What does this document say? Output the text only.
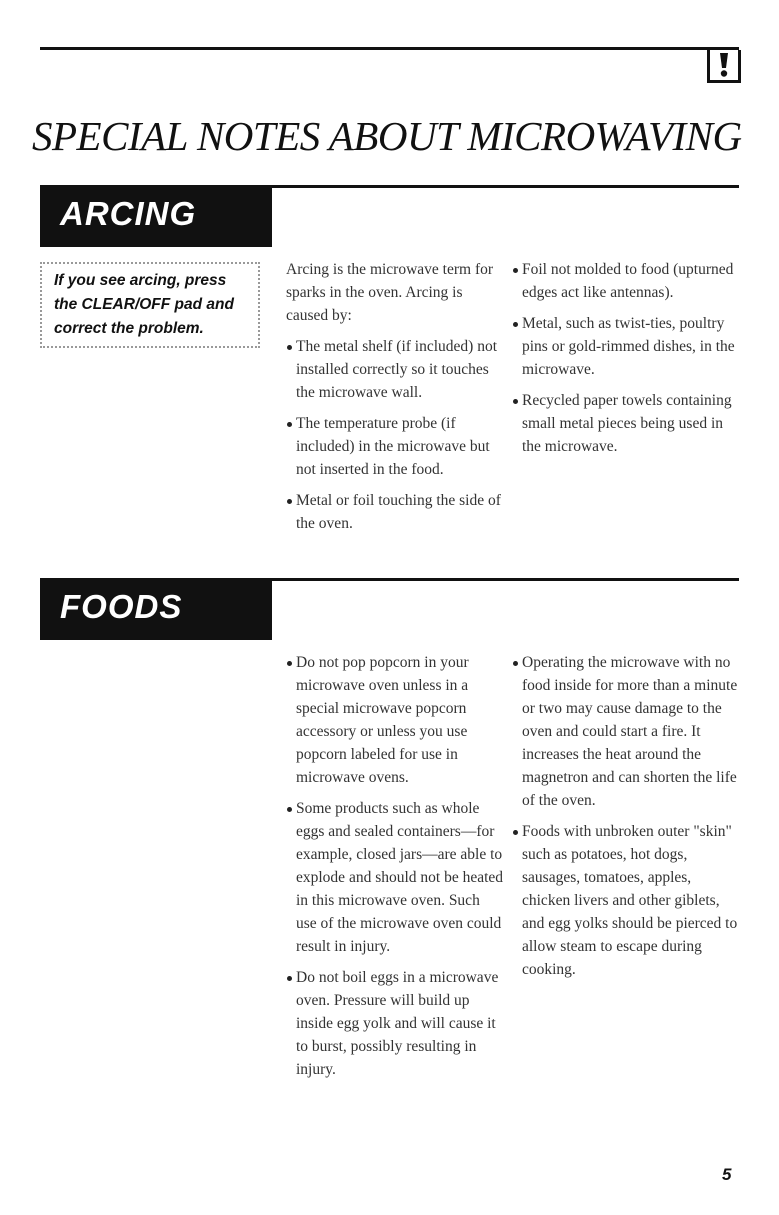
SPECIAL NOTES ABOUT MICROWAVING
ARCING
If you see arcing, press the CLEAR/OFF pad and correct the problem.

Arcing is the microwave term for sparks in the oven. Arcing is caused by:

The metal shelf (if included) not installed correctly so it touches the microwave wall.
The temperature probe (if included) in the microwave but not inserted in the food.
Metal or foil touching the side of the oven.
Foil not molded to food (upturned edges act like antennas).
Metal, such as twist-ties, poultry pins or gold-rimmed dishes, in the microwave.
Recycled paper towels containing small metal pieces being used in the microwave.
FOODS
Do not pop popcorn in your microwave oven unless in a special microwave popcorn accessory or unless you use popcorn labeled for use in microwave ovens.
Some products such as whole eggs and sealed containers—for example, closed jars—are able to explode and should not be heated in this microwave oven. Such use of the microwave oven could result in injury.
Do not boil eggs in a microwave oven. Pressure will build up inside egg yolk and will cause it to burst, possibly resulting in injury.
Operating the microwave with no food inside for more than a minute or two may cause damage to the oven and could start a fire. It increases the heat around the magnetron and can shorten the life of the oven.
Foods with unbroken outer "skin" such as potatoes, hot dogs, sausages, tomatoes, apples, chicken livers and other giblets, and egg yolks should be pierced to allow steam to escape during cooking.
5
